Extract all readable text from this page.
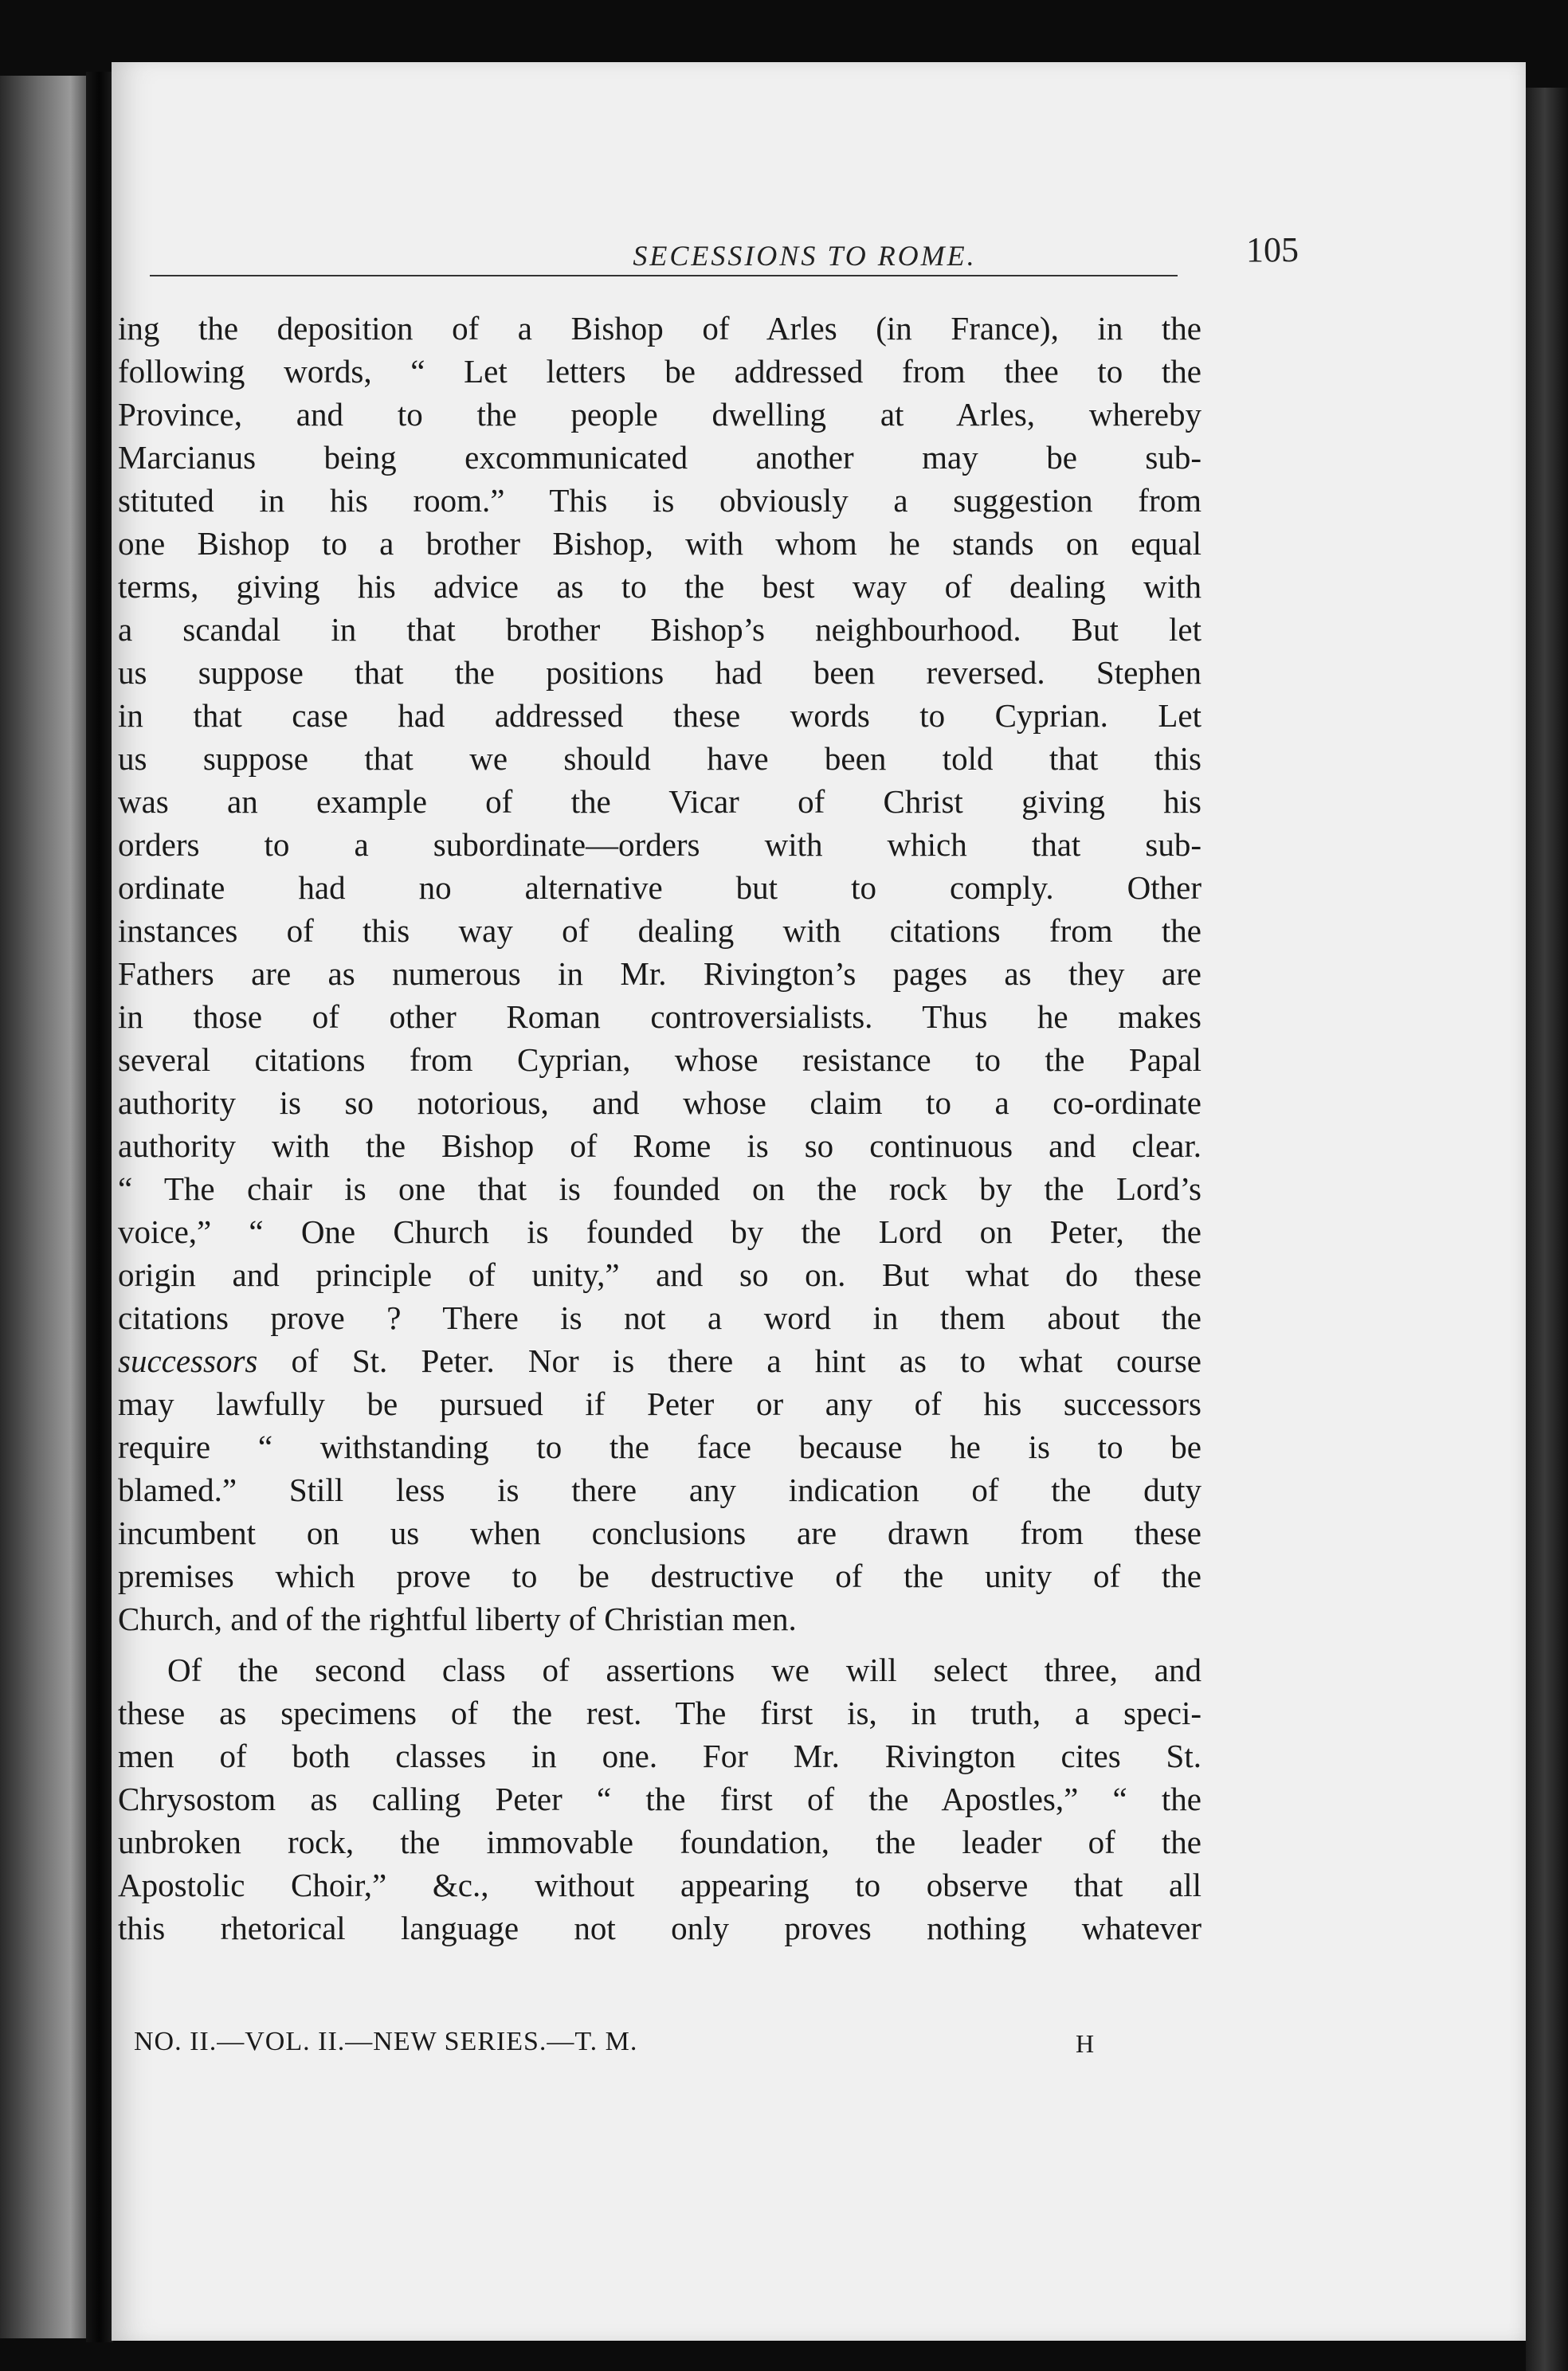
SECESSIONS TO ROME.	105
ing the deposition of a Bishop of Arles (in France), in the
following words, “ Let letters be addressed from thee to the
Province, and to the people dwelling at Arles, whereby
Marcianus being excommunicated another may be sub-
stituted in his room.” This is obviously a suggestion from
one Bishop to a brother Bishop, with whom he stands on equal
terms, giving his advice as to the best way of dealing with
a scandal in that brother Bishop’s neighbourhood. But let
us suppose that the positions had been reversed. Stephen
in that case had addressed these words to Cyprian. Let
us suppose that we should have been told that this
was an example of the Vicar of Christ giving his
orders to a subordinate—orders with which that sub-
ordinate had no alternative but to comply. Other
instances of this way of dealing with citations from the
Fathers are as numerous in Mr. Rivington’s pages as they are
in those of other Roman controversialists. Thus he makes
several citations from Cyprian, whose resistance to the Papal
authority is so notorious, and whose claim to a co-ordinate
authority with the Bishop of Rome is so continuous and clear.
“ The chair is one that is founded on the rock by the Lord’s
voice,” “ One Church is founded by the Lord on Peter, the
origin and principle of unity,” and so on. But what do these
citations prove ? There is not a word in them about the
successors of St. Peter. Nor is there a hint as to what course
may lawfully be pursued if Peter or any of his successors
require “ withstanding to the face because he is to be
blamed.” Still less is there any indication of the duty
incumbent on us when conclusions are drawn from these
premises which prove to be destructive of the unity of the
Church, and of the rightful liberty of Christian men.
Of the second class of assertions we will select three, and
these as specimens of the rest. The first is, in truth, a speci-
men of both classes in one. For Mr. Rivington cites St.
Chrysostom as calling Peter “ the first of the Apostles,” “ the
unbroken rock, the immovable foundation, the leader of the
Apostolic Choir,” &c., without appearing to observe that all
this rhetorical language not only proves nothing whatever
NO. II.—VOL. II.—NEW SERIES.—T. M.	H
